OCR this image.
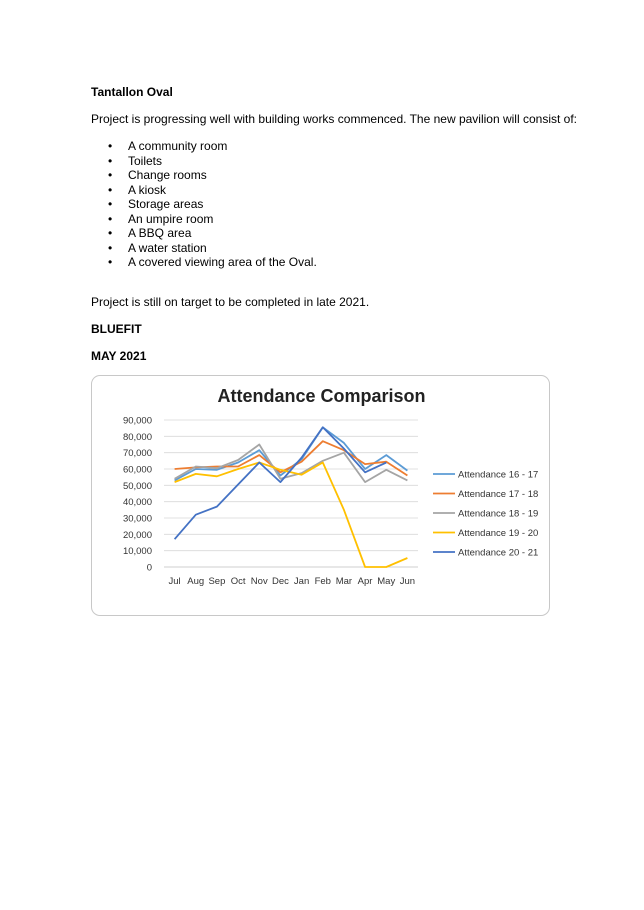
Tantallon Oval
Project is progressing well with building works commenced. The new pavilion will consist of:
• A community room
• Toilets
• Change rooms
• A kiosk
• Storage areas
• An umpire room
• A BBQ area
• A water station
• A covered viewing area of the Oval.
Project is still on target to be completed in late 2021.
BLUEFIT
MAY 2021
Attendance Comparison
0
10,000
20,000
30,000
40,000
50,000
60,000
70,000
80,000
90,000
Jul Aug Sep Oct Nov Dec Jan Feb Mar Apr May Jun
Attendance 16 - 17
Attendance 17 - 18
Attendance 18 - 19
Attendance 19 - 20
Attendance 20 - 21
